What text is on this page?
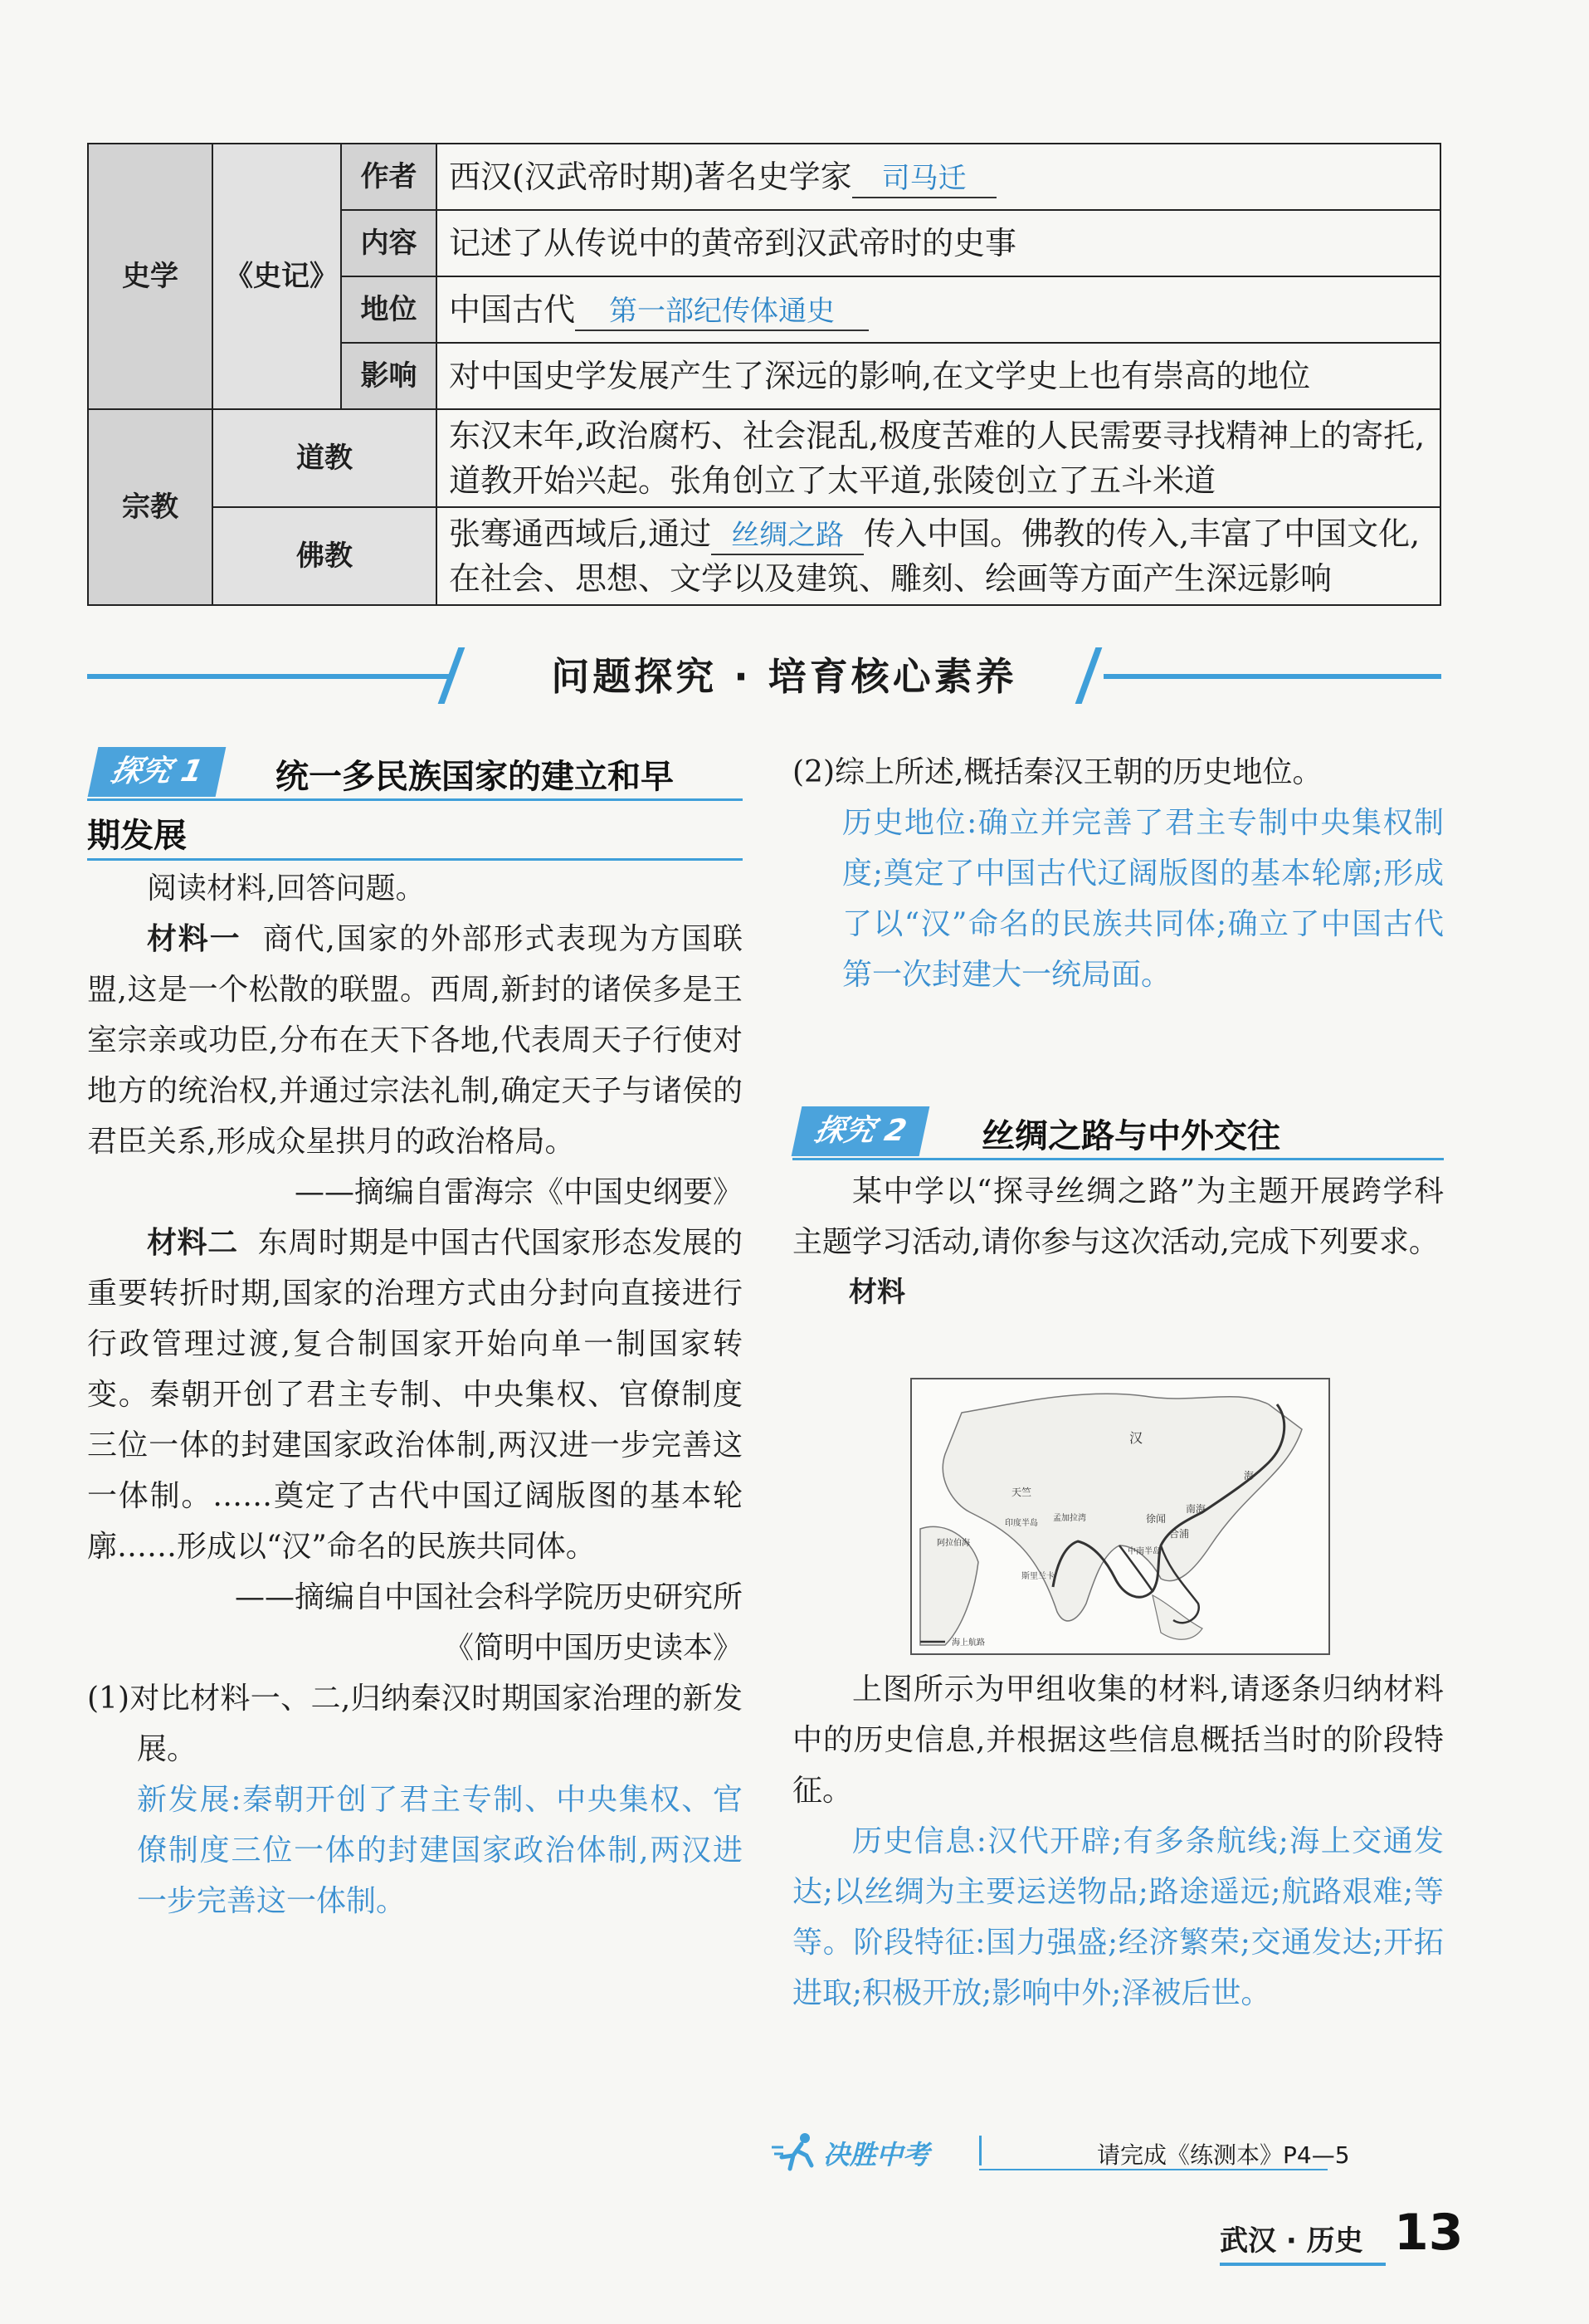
史学	《史记》	作者	西汉(汉武帝时期)著名史学家 司马迁
		内容	记述了从传说中的黄帝到汉武帝时的史事
		地位	中国古代 第一部纪传体通史
		影响	对中国史学发展产生了深远的影响,在文学史上也有崇高的地位
宗教	道教		东汉末年,政治腐朽、社会混乱,极度苦难的人民需要寻找精神上的寄托,道教开始兴起。张角创立了太平道,张陵创立了五斗米道
	佛教		张骞通西域后,通过 丝绸之路 传入中国。佛教的传入,丰富了中国文化,在社会、思想、文学以及建筑、雕刻、绘画等方面产生深远影响
问题探究 · 培育核心素养
探究 1	统一多民族国家的建立和早
期发展

阅读材料,回答问题。

材料一 商代,国家的外部形式表现为方国联盟,这是一个松散的联盟。西周,新封的诸侯多是王室宗亲或功臣,分布在天下各地,代表周天子行使对地方的统治权,并通过宗法礼制,确定天子与诸侯的君臣关系,形成众星拱月的政治格局。

——摘编自雷海宗《中国史纲要》

材料二 东周时期是中国古代国家形态发展的重要转折时期,国家的治理方式由分封向直接进行行政管理过渡,复合制国家开始向单一制国家转变。秦朝开创了君主专制、中央集权、官僚制度三位一体的封建国家政治体制,两汉进一步完善这一体制。……奠定了古代中国辽阔版图的基本轮廓……形成以“汉”命名的民族共同体。

——摘编自中国社会科学院历史研究所

《简明中国历史读本》

(1)对比材料一、二,归纳秦汉时期国家治理的新发展。

新发展:秦朝开创了君主专制、中央集权、官僚制度三位一体的封建国家政治体制,两汉进一步完善这一体制。

(2)综上所述,概括秦汉王朝的历史地位。

历史地位:确立并完善了君主专制中央集权制度;奠定了中国古代辽阔版图的基本轮廓;形成了以“汉”命名的民族共同体;确立了中国古代第一次封建大一统局面。

探究 2	丝绸之路与中外交往

某中学以“探寻丝绸之路”为主题开展跨学科主题学习活动,请你参与这次活动,完成下列要求。

材料

汉
海
南海
徐闻
合浦
天竺
印度半岛
孟加拉湾
阿拉伯海
中南半岛
斯里兰卡
海上航路

上图所示为甲组收集的材料,请逐条归纳材料中的历史信息,并根据这些信息概括当时的阶段特征。

历史信息:汉代开辟;有多条航线;海上交通发达;以丝绸为主要运送物品;路途遥远;航路艰难;等等。阶段特征:国力强盛;经济繁荣;交通发达;开拓进取;积极开放;影响中外;泽被后世。

决胜中考	请完成《练测本》P4—5
武汉 · 历史 13
